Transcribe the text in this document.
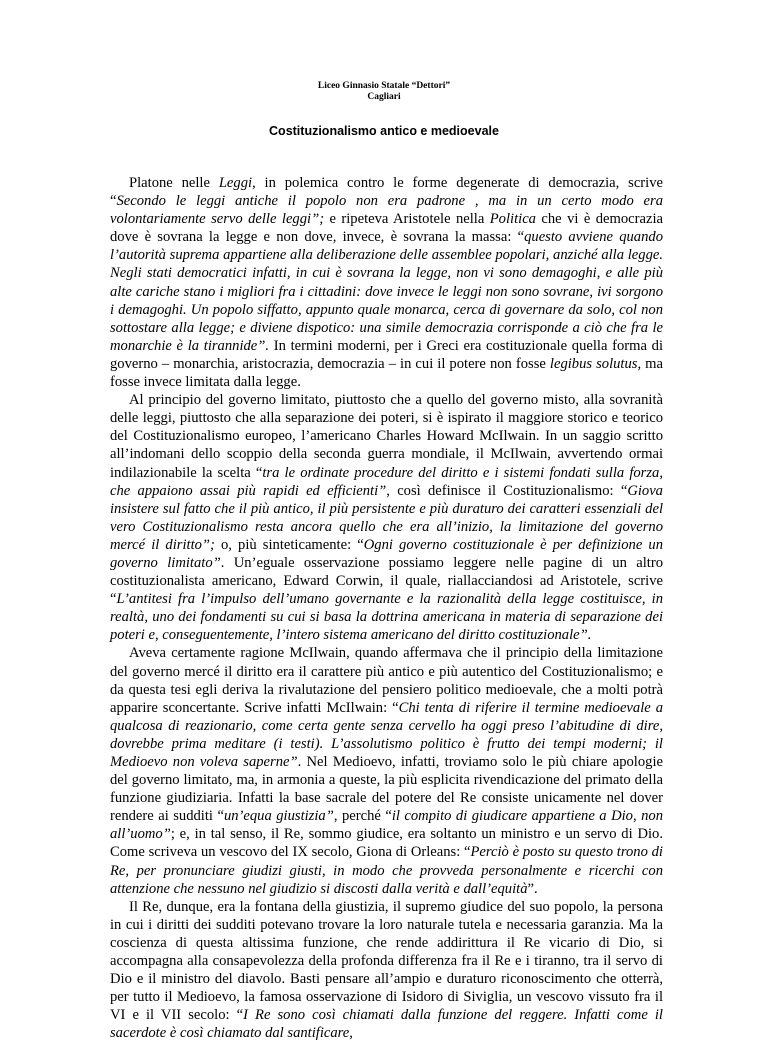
Liceo Ginnasio Statale “Dettori”
Cagliari
Costituzionalismo antico e medioevale

Platone nelle Leggi, in polemica contro le forme degenerate di democrazia, scrive “Secondo le leggi antiche il popolo non era padrone , ma in un certo modo era volontariamente servo delle leggi”; e ripeteva Aristotele nella Politica che vi è democrazia dove è sovrana la legge e non dove, invece, è sovrana la massa: “questo avviene quando l’autorità suprema appartiene alla deliberazione delle assemblee popolari, anziché alla legge. Negli stati democratici infatti, in cui è sovrana la legge, non vi sono demagoghi, e alle più alte cariche stano i migliori fra i cittadini: dove invece le leggi non sono sovrane, ivi sorgono i demagoghi. Un popolo siffatto, appunto quale monarca, cerca di governare da solo, col non sottostare alla legge; e diviene dispotico: una simile democrazia corrisponde a ciò che fra le monarchie è la tirannide”. In termini moderni, per i Greci era costituzionale quella forma di governo – monarchia, aristocrazia, democrazia – in cui il potere non fosse legibus solutus, ma fosse invece limitata dalla legge.

Al principio del governo limitato, piuttosto che a quello del governo misto, alla sovranità delle leggi, piuttosto che alla separazione dei poteri, si è ispirato il maggiore storico e teorico del Costituzionalismo europeo, l’americano Charles Howard McIlwain. In un saggio scritto all’indomani dello scoppio della seconda guerra mondiale, il McIlwain, avvertendo ormai indilazionabile la scelta “tra le ordinate procedure del diritto e i sistemi fondati sulla forza, che appaiono assai più rapidi ed efficienti”, così definisce il Costituzionalismo: “Giova insistere sul fatto che il più antico, il più persistente e più duraturo dei caratteri essenziali del vero Costituzionalismo resta ancora quello che era all’inizio, la limitazione del governo mercé il diritto”; o, più sinteticamente: “Ogni governo costituzionale è per definizione un governo limitato”. Un’eguale osservazione possiamo leggere nelle pagine di un altro costituzionalista americano, Edward Corwin, il quale, riallacciandosi ad Aristotele, scrive “L’antitesi fra l’impulso dell’umano governante e la razionalità della legge costituisce, in realtà, uno dei fondamenti su cui si basa la dottrina americana in materia di separazione dei poteri e, conseguentemente, l’intero sistema americano del diritto costituzionale”.

Aveva certamente ragione McIlwain, quando affermava che il principio della limitazione del governo mercé il diritto era il carattere più antico e più autentico del Costituzionalismo; e da questa tesi egli deriva la rivalutazione del pensiero politico medioevale, che a molti potrà apparire sconcertante. Scrive infatti McIlwain: “Chi tenta di riferire il termine medioevale a qualcosa di reazionario, come certa gente senza cervello ha oggi preso l’abitudine di dire, dovrebbe prima meditare (i testi). L’assolutismo politico è frutto dei tempi moderni; il Medioevo non voleva saperne”. Nel Medioevo, infatti, troviamo solo le più chiare apologie del governo limitato, ma, in armonia a queste, la più esplicita rivendicazione del primato della funzione giudiziaria. Infatti la base sacrale del potere del Re consiste unicamente nel dover rendere ai sudditi “un’equa giustizia”, perché “il compito di giudicare appartiene a Dio, non all’uomo”; e, in tal senso, il Re, sommo giudice, era soltanto un ministro e un servo di Dio. Come scriveva un vescovo del IX secolo, Giona di Orleans: “Perciò è posto su questo trono di Re, per pronunciare giudizi giusti, in modo che provveda personalmente e ricerchi con attenzione che nessuno nel giudizio si discosti dalla verità e dall’equità”.

Il Re, dunque, era la fontana della giustizia, il supremo giudice del suo popolo, la persona in cui i diritti dei sudditi potevano trovare la loro naturale tutela e necessaria garanzia. Ma la coscienza di questa altissima funzione, che rende addirittura il Re vicario di Dio, si accompagna alla consapevolezza della profonda differenza fra il Re e i tiranno, tra il servo di Dio e il ministro del diavolo. Basti pensare all’ampio e duraturo riconoscimento che otterrà, per tutto il Medioevo, la famosa osservazione di Isidoro di Siviglia, un vescovo vissuto fra il VI e il VII secolo: “I Re sono così chiamati dalla funzione del reggere. Infatti come il sacerdote è così chiamato dal santificare,
